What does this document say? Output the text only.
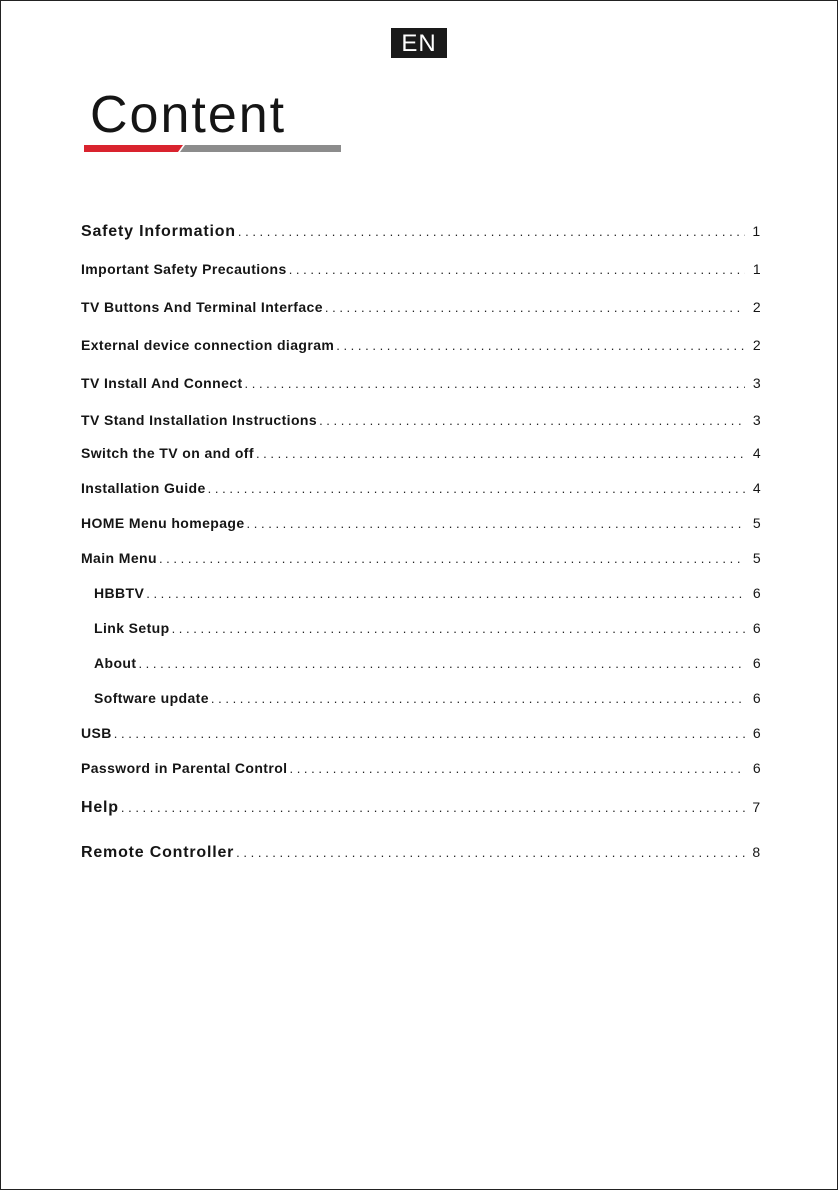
EN
Content
Safety Information . . .	1
Important Safety Precautions . . .	1
TV Buttons And Terminal Interface . . .	2
External device connection diagram . . .	2
TV Install And Connect . . .	3
TV Stand Installation Instructions . . .	3
Switch the TV on and off . . .	4
Installation Guide . . .	4
HOME Menu homepage . . .	5
Main Menu . . .	5
HBBTV . . .	6
Link Setup . . .	6
About . . .	6
Software update . . .	6
USB . . .	6
Password in Parental Control . . .	6
Help . . .	7
Remote Controller . . .	8
